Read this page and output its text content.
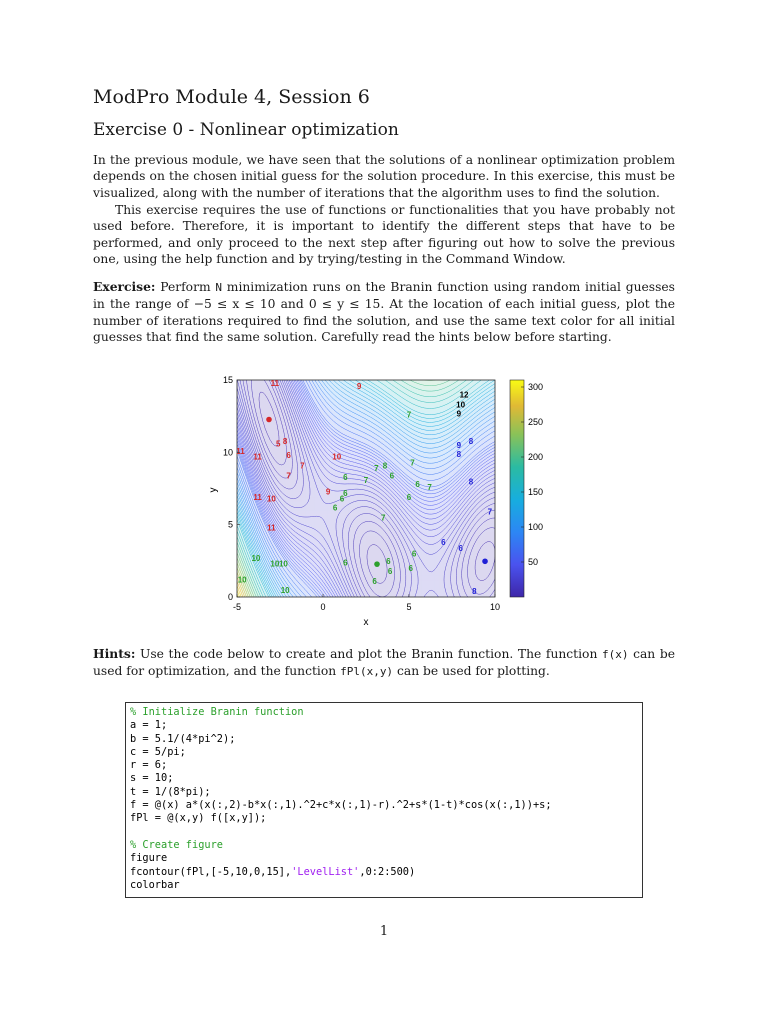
ModPro Module 4, Session 6
Exercise 0 - Nonlinear optimization

In the previous module, we have seen that the solutions of a nonlinear optimization problem depends on the chosen initial guess for the solution procedure. In this exercise, this must be visualized, along with the number of iterations that the algorithm uses to find the solution.

This exercise requires the use of functions or functionalities that you have probably not used before. Therefore, it is important to identify the different steps that have to be performed, and only proceed to the next step after figuring out how to solve the previous one, using the help function and by trying/testing in the Command Window.

Exercise: Perform N minimization runs on the Branin function using random initial guesses in the range of −5 ≤ x ≤ 10 and 0 ≤ y ≤ 15. At the location of each initial guess, plot the number of iterations required to find the solution, and use the same text color for all initial guesses that find the same solution. Carefully read the hints below before starting.

11	9
5 8
11
11	6
7
7
10
9
11 10
11
12
10
9
7
8	7
7
6
6 7	6 7
6	6
6
6
7
6
6
6
6 6
6
10
10 10
10
10
8
9
8
8
7
6
6
8
-5	0	5	10
0
5
10
15
x
y
50
100
150
200
250
300

Hints: Use the code below to create and plot the Branin function. The function f(x) can be used for optimization, and the function fPl(x,y) can be used for plotting.

% Initialize Branin function
a = 1;
b = 5.1/(4*pi^2);
c = 5/pi;
r = 6;
s = 10;
t = 1/(8*pi);
f = @(x) a*(x(:,2)-b*x(:,1).^2+c*x(:,1)-r).^2+s*(1-t)*cos(x(:,1))+s;
fPl = @(x,y) f([x,y]);

% Create figure
figure
fcontour(fPl,[-5,10,0,15],'LevelList',0:2:500)
colorbar
1
